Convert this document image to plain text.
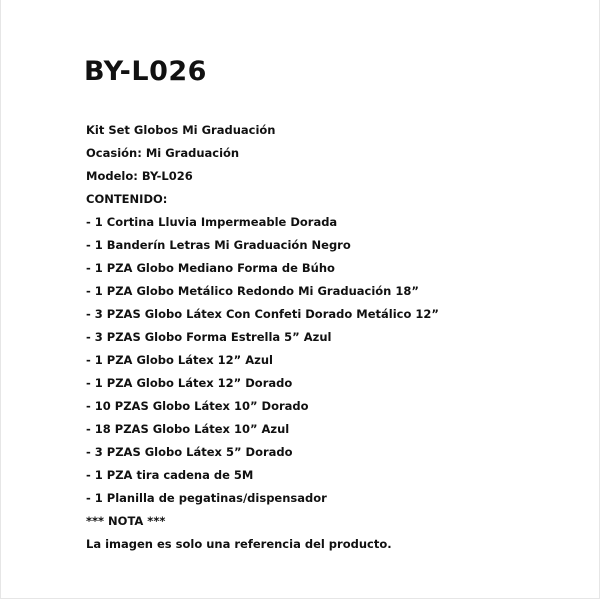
BY-L026
Kit Set Globos Mi Graduación
Ocasión: Mi Graduación
Modelo: BY-L026
CONTENIDO:
- 1 Cortina Lluvia Impermeable Dorada
- 1 Banderín Letras Mi Graduación Negro
- 1 PZA Globo Mediano Forma de Búho
- 1 PZA Globo Metálico Redondo Mi Graduación 18”
- 3 PZAS Globo Látex Con Confeti Dorado Metálico 12”
- 3 PZAS Globo Forma Estrella 5” Azul
- 1 PZA Globo Látex 12” Azul
- 1 PZA Globo Látex 12” Dorado
- 10 PZAS Globo Látex 10” Dorado
- 18 PZAS Globo Látex 10” Azul
- 3 PZAS Globo Látex 5” Dorado
- 1 PZA tira cadena de 5M
- 1 Planilla de pegatinas/dispensador
*** NOTA ***
La imagen es solo una referencia del producto.
